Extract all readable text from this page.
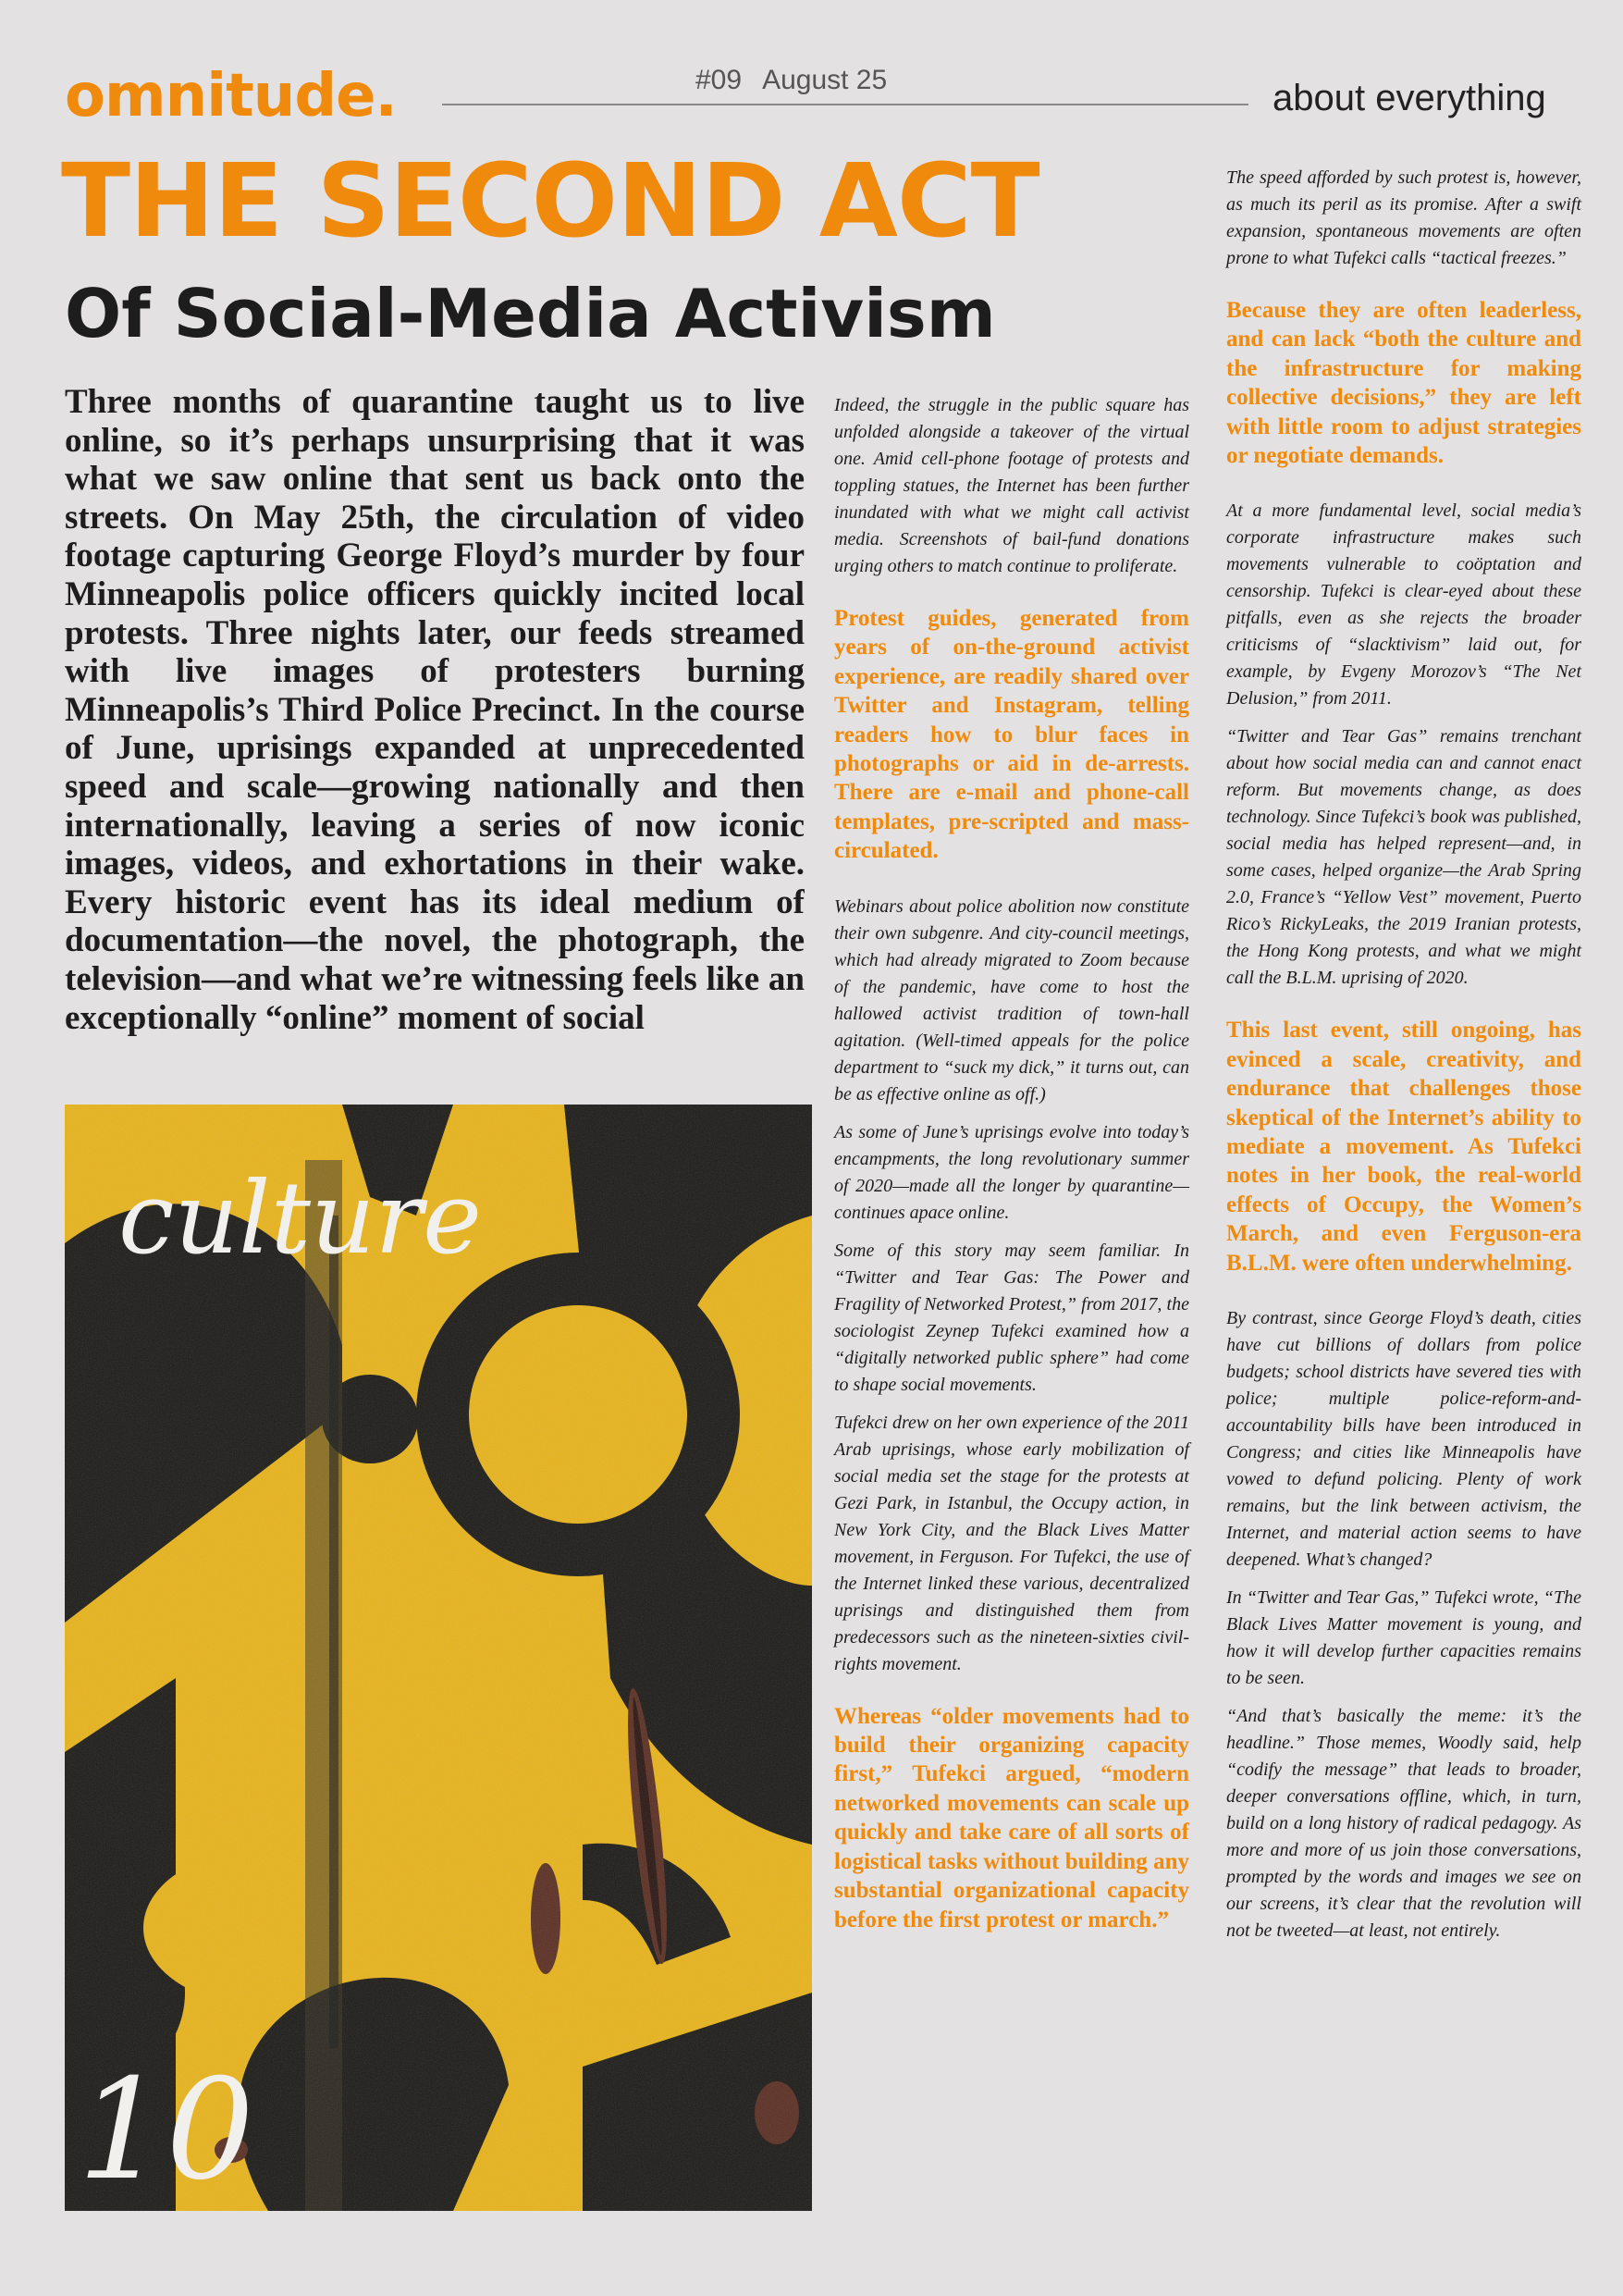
omnitude.	#09 August 25	about everything
THE SECOND ACT
Of Social-Media Activism

Three months of quarantine taught us to live online, so it’s perhaps unsurprising that it was what we saw online that sent us back onto the streets. On May 25th, the circulation of video footage capturing George Floyd’s murder by four Minneapolis police officers quickly incited local protests. Three nights later, our feeds streamed with live images of protesters burning Minneapolis’s Third Police Precinct. In the course of June, uprisings expanded at unprecedented speed and scale—growing nationally and then internationally, leaving a series of now iconic images, videos, and exhortations in their wake. Every historic event has its ideal medium of documentation—the novel, the photograph, the television—and what we’re witnessing feels like an exceptionally “online” moment of social

culture
10

Indeed, the struggle in the public square has unfolded alongside a takeover of the virtual one. Amid cell-phone footage of protests and toppling statues, the Internet has been further inundated with what we might call activist media. Screenshots of bail-fund donations urging others to match continue to proliferate.

Protest guides, generated from years of on-the-ground activist experience, are readily shared over Twitter and Instagram, telling readers how to blur faces in photographs or aid in de-arrests. There are e-mail and phone-call templates, pre-scripted and mass-circulated.

Webinars about police abolition now constitute their own subgenre. And city-council meetings, which had already migrated to Zoom because of the pandemic, have come to host the hallowed activist tradition of town-hall agitation. (Well-timed appeals for the police department to “suck my dick,” it turns out, can be as effective online as off.)

As some of June’s uprisings evolve into today’s encampments, the long revolutionary summer of 2020—made all the longer by quarantine—continues apace online.

Some of this story may seem familiar. In “Twitter and Tear Gas: The Power and Fragility of Networked Protest,” from 2017, the sociologist Zeynep Tufekci examined how a “digitally networked public sphere” had come to shape social movements.

Tufekci drew on her own experience of the 2011 Arab uprisings, whose early mobilization of social media set the stage for the protests at Gezi Park, in Istanbul, the Occupy action, in New York City, and the Black Lives Matter movement, in Ferguson. For Tufekci, the use of the Internet linked these various, decentralized uprisings and distinguished them from predecessors such as the nineteen-sixties civil-rights movement.

Whereas “older movements had to build their organizing capacity first,” Tufekci argued, “modern networked movements can scale up quickly and take care of all sorts of logistical tasks without building any substantial organizational capacity before the first protest or march.”

The speed afforded by such protest is, however, as much its peril as its promise. After a swift expansion, spontaneous movements are often prone to what Tufekci calls “tactical freezes.”

Because they are often leaderless, and can lack “both the culture and the infrastructure for making collective decisions,” they are left with little room to adjust strategies or negotiate demands.

At a more fundamental level, social media’s corporate infrastructure makes such movements vulnerable to coöptation and censorship. Tufekci is clear-eyed about these pitfalls, even as she rejects the broader criticisms of “slacktivism” laid out, for example, by Evgeny Morozov’s “The Net Delusion,” from 2011.

“Twitter and Tear Gas” remains trenchant about how social media can and cannot enact reform. But movements change, as does technology. Since Tufekci’s book was published, social media has helped represent—and, in some cases, helped organize—the Arab Spring 2.0, France’s “Yellow Vest” movement, Puerto Rico’s RickyLeaks, the 2019 Iranian protests, the Hong Kong protests, and what we might call the B.L.M. uprising of 2020.

This last event, still ongoing, has evinced a scale, creativity, and endurance that challenges those skeptical of the Internet’s ability to mediate a movement. As Tufekci notes in her book, the real-world effects of Occupy, the Women’s March, and even Ferguson-era B.L.M. were often underwhelming.

By contrast, since George Floyd’s death, cities have cut billions of dollars from police budgets; school districts have severed ties with police; multiple police-reform-and-accountability bills have been introduced in Congress; and cities like Minneapolis have vowed to defund policing. Plenty of work remains, but the link between activism, the Internet, and material action seems to have deepened. What’s changed?

In “Twitter and Tear Gas,” Tufekci wrote, “The Black Lives Matter movement is young, and how it will develop further capacities remains to be seen.

“And that’s basically the meme: it’s the headline.” Those memes, Woodly said, help “codify the message” that leads to broader, deeper conversations offline, which, in turn, build on a long history of radical pedagogy. As more and more of us join those conversations, prompted by the words and images we see on our screens, it’s clear that the revolution will not be tweeted—at least, not entirely.
